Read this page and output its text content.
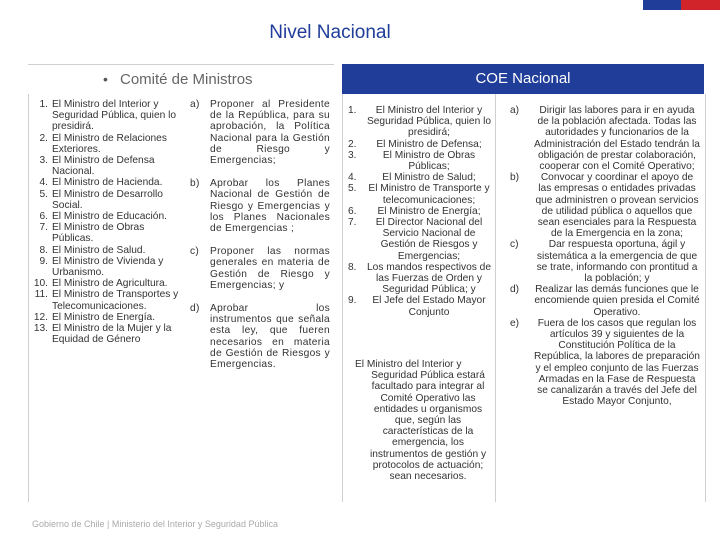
Nivel Nacional
• Comité de Ministros	COE Nacional
1. El Ministro del Interior y Seguridad Pública, quien lo presidirá.
2. El Ministro de Relaciones Exteriores.
3. El Ministro de Defensa Nacional.
4. El Ministro de Hacienda.
5. El Ministro de Desarrollo Social.
6. El Ministro de Educación.
7. El Ministro de Obras Públicas.
8. El Ministro de Salud.
9. El Ministro de Vivienda y Urbanismo.
10. El Ministro de Agricultura.
11. El Ministro de Transportes y Telecomunicaciones.
12. El Ministro de Energía.
13. El Ministro de la Mujer y la Equidad de Género
a)	Proponer al Presidente de la República, para su aprobación, la Política Nacional para la Gestión de Riesgo y Emergencias;
b)	Aprobar los Planes Nacional de Gestión de Riesgo y Emergencias y los Planes Nacionales de Emergencias ;
c)	Proponer las normas generales en materia de Gestión de Riesgo y Emergencias; y
d)	Aprobar los instrumentos que señala esta ley, que fueren necesarios en materia de Gestión de Riesgos y Emergencias.
1.	El Ministro del Interior y Seguridad Pública, quien lo presidirá;
2.	El Ministro de Defensa;
3.	El Ministro de Obras Públicas;
4.	El Ministro de Salud;
5.	El Ministro de Transporte y telecomunicaciones;
6.	El Ministro de Energía;
7.	El Director Nacional del Servicio Nacional de Gestión de Riesgos y Emergencias;
8.	Los mandos respectivos de las Fuerzas de Orden y Seguridad Pública; y
9.	El Jefe del Estado Mayor Conjunto
El Ministro del Interior y
Seguridad Pública estará facultado para integrar al Comité Operativo las entidades u organismos que, según las características de la emergencia, los instrumentos de gestión y protocolos de actuación; sean necesarios.
a)	Dirigir las labores para ir en ayuda de la población afectada. Todas las autoridades y funcionarios de la Administración del Estado tendrán la obligación de prestar colaboración, cooperar con el Comité Operativo;
b)	Convocar y coordinar el apoyo de las empresas o entidades privadas que administren o provean servicios de utilidad pública o aquellos que sean esenciales para la Respuesta de la Emergencia en la zona;
c)	Dar respuesta oportuna, ágil y sistemática a la emergencia de que se trate, informando con prontitud a la población; y
d)	Realizar las demás funciones que le encomiende quien presida el Comité Operativo.
e)	Fuera de los casos que regulan los artículos 39 y siguientes de la Constitución Política de la República, la labores de preparación y el empleo conjunto de las Fuerzas Armadas en la Fase de Respuesta se canalizarán a través del Jefe del Estado Mayor Conjunto,
Gobierno de Chile | Ministerio del Interior y Seguridad Pública
